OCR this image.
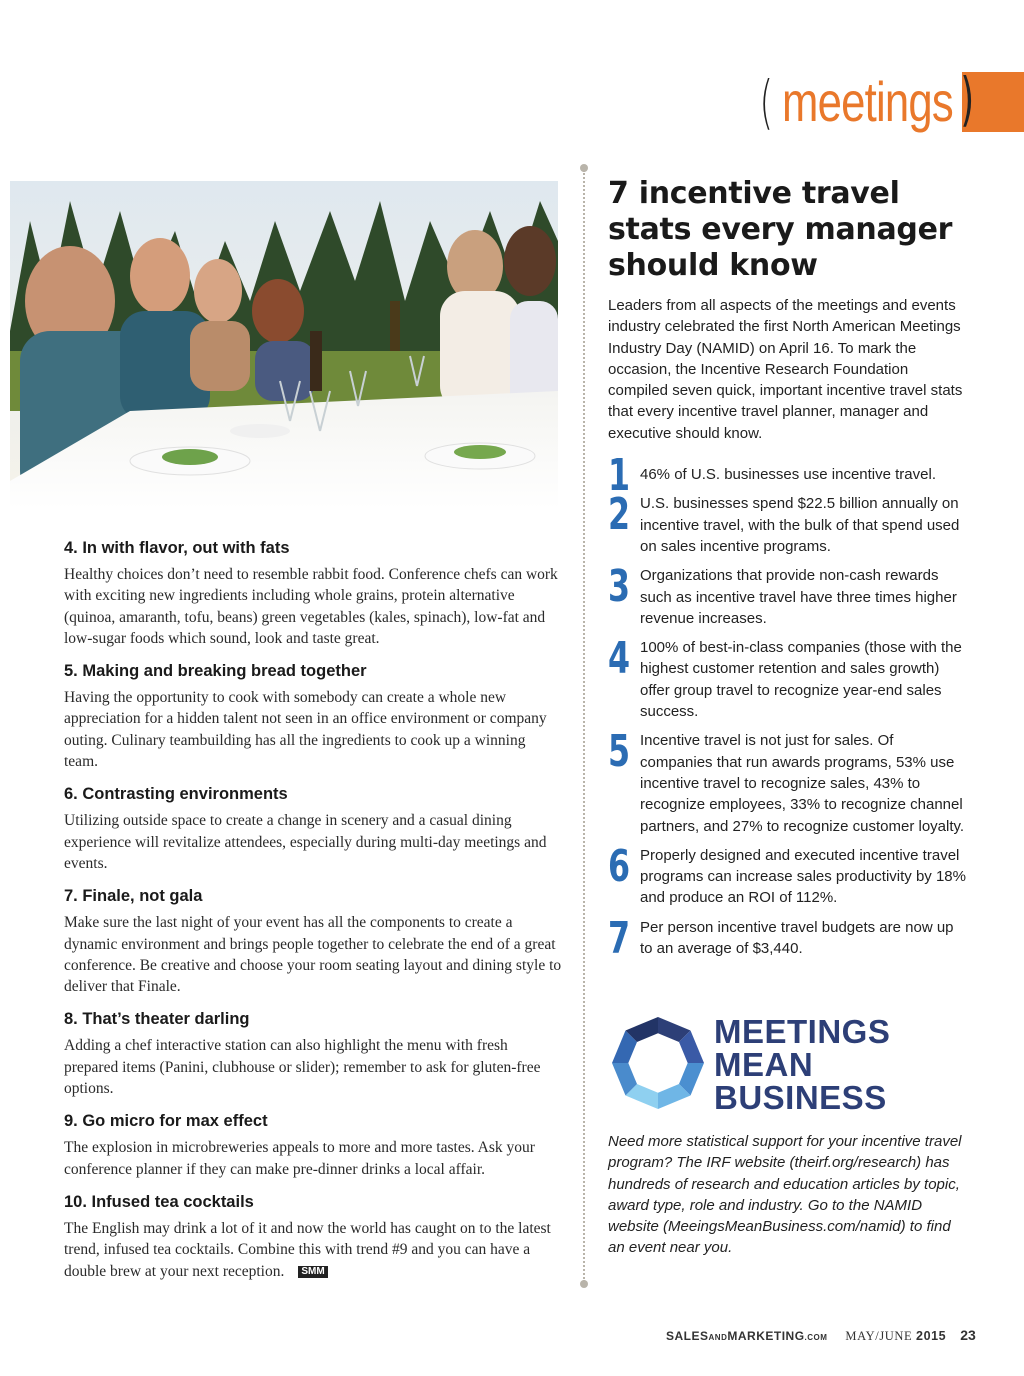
( meetings )
4. In with flavor, out with fats

Healthy choices don’t need to resemble rabbit food. Conference chefs can work with exciting new ingredients including whole grains, protein alternative (quinoa, amaranth, tofu, beans) green vegetables (kales, spinach), low-fat and low-sugar foods which sound, look and taste great.

5. Making and breaking bread together

Having the opportunity to cook with somebody can create a whole new appreciation for a hidden talent not seen in an office environment or company outing. Culinary teambuilding has all the ingredients to cook up a winning team.

6. Contrasting environments

Utilizing outside space to create a change in scenery and a casual dining experience will revitalize attendees, especially during multi-day meetings and events.

7. Finale, not gala

Make sure the last night of your event has all the components to create a dynamic environment and brings people together to celebrate the end of a great conference. Be creative and choose your room seating layout and dining style to deliver that Finale.

8. That’s theater darling

Adding a chef interactive station can also highlight the menu with fresh prepared items (Panini, clubhouse or slider); remember to ask for gluten-free options.

9. Go micro for max effect

The explosion in microbreweries appeals to more and more tastes. Ask your conference planner if they can make pre-dinner drinks a local affair.

10. Infused tea cocktails

The English may drink a lot of it and now the world has caught on to the latest trend, infused tea cocktails. Combine this with trend #9 and you can have a double brew at your next reception. SMM

7 incentive travel stats every manager should know

Leaders from all aspects of the meetings and events industry celebrated the first North American Meetings Industry Day (NAMID) on April 16. To mark the occasion, the Incentive Research Foundation compiled seven quick, important incentive travel stats that every incentive travel planner, manager and executive should know.

1 46% of U.S. businesses use incentive travel.

2 U.S. businesses spend $22.5 billion annually on incentive travel, with the bulk of that spend used on sales incentive programs.

3 Organizations that provide non-cash rewards such as incentive travel have three times higher revenue increases.

4 100% of best-in-class companies (those with the highest customer retention and sales growth) offer group travel to recognize year-end sales success.

5 Incentive travel is not just for sales. Of companies that run awards programs, 53% use incentive travel to recognize sales, 43% to recognize employees, 33% to recognize channel partners, and 27% to recognize customer loyalty.

6 Properly designed and executed incentive travel programs can increase sales productivity by 18% and produce an ROI of 112%.

7 Per person incentive travel budgets are now up to an average of $3,440.

MEETINGS
MEAN
BUSINESS

Need more statistical support for your incentive travel program? The IRF website (theirf.org/research) has hundreds of research and education articles by topic, award type, role and industry. Go to the NAMID website (MeeingsMeanBusiness.com/namid) to find an event near you.

SALESANDMARKETING.COM MAY/JUNE 2015 23
